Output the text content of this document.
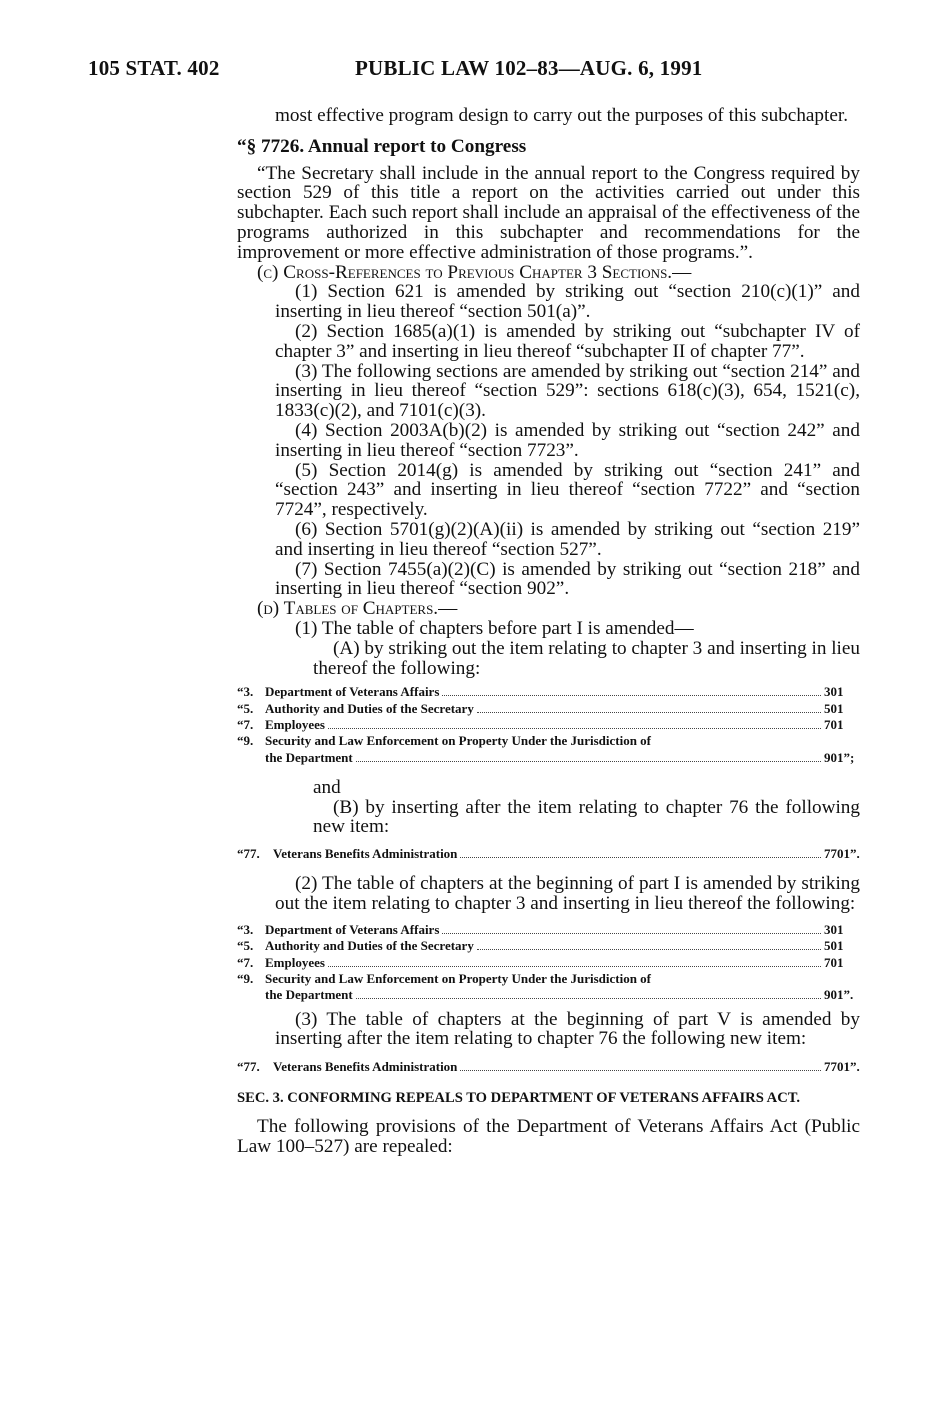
105 STAT. 402	PUBLIC LAW 102–83—AUG. 6, 1991

most effective program design to carry out the purposes of this subchapter.

“§ 7726. Annual report to Congress

“The Secretary shall include in the annual report to the Congress required by section 529 of this title a report on the activities carried out under this subchapter. Each such report shall include an appraisal of the effectiveness of the programs authorized in this subchapter and recommendations for the improvement or more effective administration of those programs.”.

(c) Cross-References to Previous Chapter 3 Sections.—

(1) Section 621 is amended by striking out “section 210(c)(1)” and inserting in lieu thereof “section 501(a)”.

(2) Section 1685(a)(1) is amended by striking out “subchapter IV of chapter 3” and inserting in lieu thereof “subchapter II of chapter 77”.

(3) The following sections are amended by striking out “section 214” and inserting in lieu thereof “section 529”: sections 618(c)(3), 654, 1521(c), 1833(c)(2), and 7101(c)(3).

(4) Section 2003A(b)(2) is amended by striking out “section 242” and inserting in lieu thereof “section 7723”.

(5) Section 2014(g) is amended by striking out “section 241” and “section 243” and inserting in lieu thereof “section 7722” and “section 7724”, respectively.

(6) Section 5701(g)(2)(A)(ii) is amended by striking out “section 219” and inserting in lieu thereof “section 527”.

(7) Section 7455(a)(2)(C) is amended by striking out “section 218” and inserting in lieu thereof “section 902”.

(d) Tables of Chapters.—

(1) The table of chapters before part I is amended—

(A) by striking out the item relating to chapter 3 and inserting in lieu thereof the following:

“3. Department of Veterans Affairs	301
“5. Authority and Duties of the Secretary	501
“7. Employees	701
“9. Security and Law Enforcement on Property Under the Jurisdiction of
the Department	901”;

and

(B) by inserting after the item relating to chapter 76 the following new item:

“77.	Veterans Benefits Administration	7701”.

(2) The table of chapters at the beginning of part I is amended by striking out the item relating to chapter 3 and inserting in lieu thereof the following:

“3. Department of Veterans Affairs	301
“5. Authority and Duties of the Secretary	501
“7. Employees	701
“9. Security and Law Enforcement on Property Under the Jurisdiction of
the Department	901”.

(3) The table of chapters at the beginning of part V is amended by inserting after the item relating to chapter 76 the following new item:

“77.	Veterans Benefits Administration	7701”.

SEC. 3. CONFORMING REPEALS TO DEPARTMENT OF VETERANS AFFAIRS ACT.

The following provisions of the Department of Veterans Affairs Act (Public Law 100–527) are repealed:
